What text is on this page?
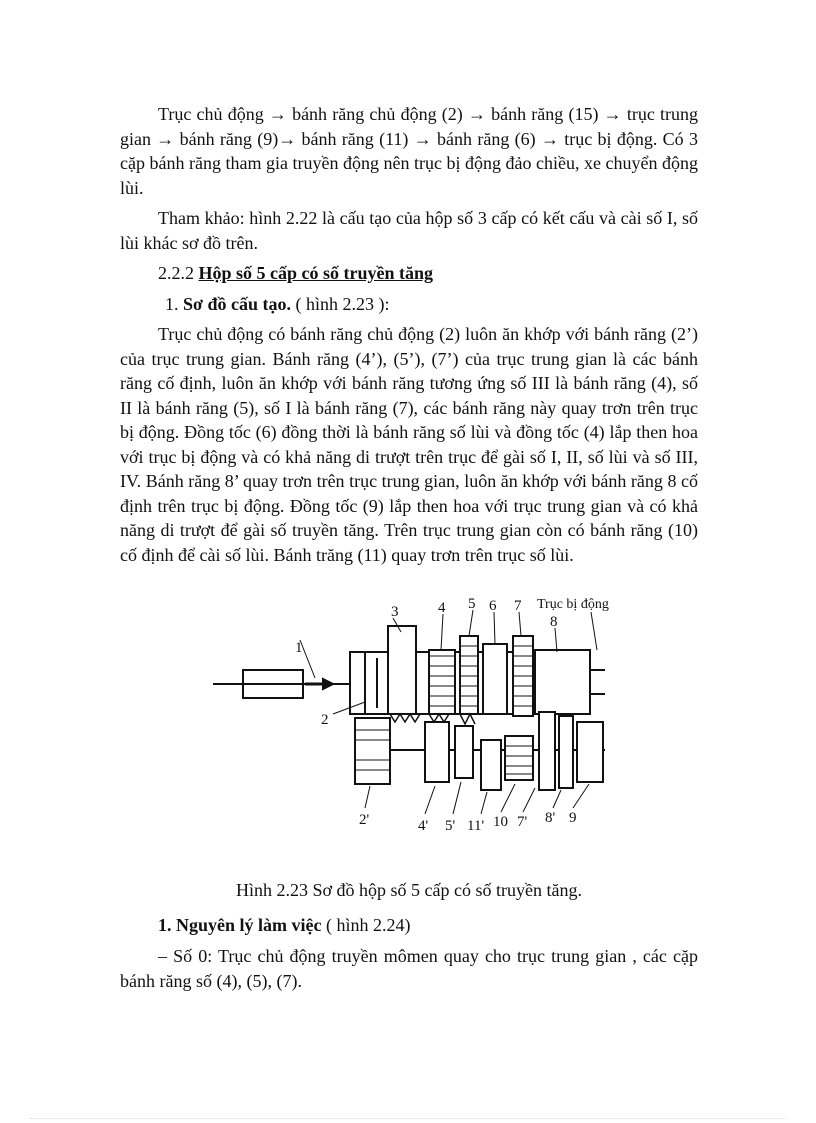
Trục chủ động → bánh răng chủ động (2) → bánh răng (15) → trục trung gian → bánh răng (9)→ bánh răng (11) → bánh răng (6) → trục bị động. Có 3 cặp bánh răng tham gia truyền động nên trục bị động đảo chiều, xe chuyển động lùi.

Tham khảo: hình 2.22 là cấu tạo của hộp số 3 cấp có kết cấu và cài số I, số lùi khác sơ đồ trên.

2.2.2 Hộp số 5 cấp có số truyền tăng
1. Sơ đồ cấu tạo. ( hình 2.23 ):

Trục chủ động có bánh răng chủ động (2) luôn ăn khớp với bánh răng (2’) của trục trung gian. Bánh răng (4’), (5’), (7’) của trục trung gian là các bánh răng cố định, luôn ăn khớp với bánh răng tương ứng số III là bánh răng (4), số II là bánh răng (5), số I là bánh răng (7), các bánh răng này quay trơn trên trục bị động. Đồng tốc (6) đồng thời là bánh răng số lùi và đồng tốc (4) lắp then hoa với trục bị động và có khả năng di trượt trên trục để gài số I, II, số lùi và số III, IV. Bánh răng 8’ quay trơn trên trục trung gian, luôn ăn khớp với bánh răng 8 cố định trên trục bị động. Đồng tốc (9) lắp then hoa với trục trung gian và có khả năng di trượt để gài số truyền tăng. Trên trục trung gian còn có bánh răng (10) cố định để cài số lùi. Bánh trăng (11) quay trơn trên trục số lùi.

1
2
3	4 5 6 7
8
Trục bị động
2'	4' 5' 11' 10 7' 8' 9
Hình 2.23 Sơ đồ hộp số 5 cấp có số truyền tăng.
1. Nguyên lý làm việc ( hình 2.24)

– Số 0: Trục chủ động truyền mômen quay cho trục trung gian , các cặp bánh răng số (4), (5), (7).
